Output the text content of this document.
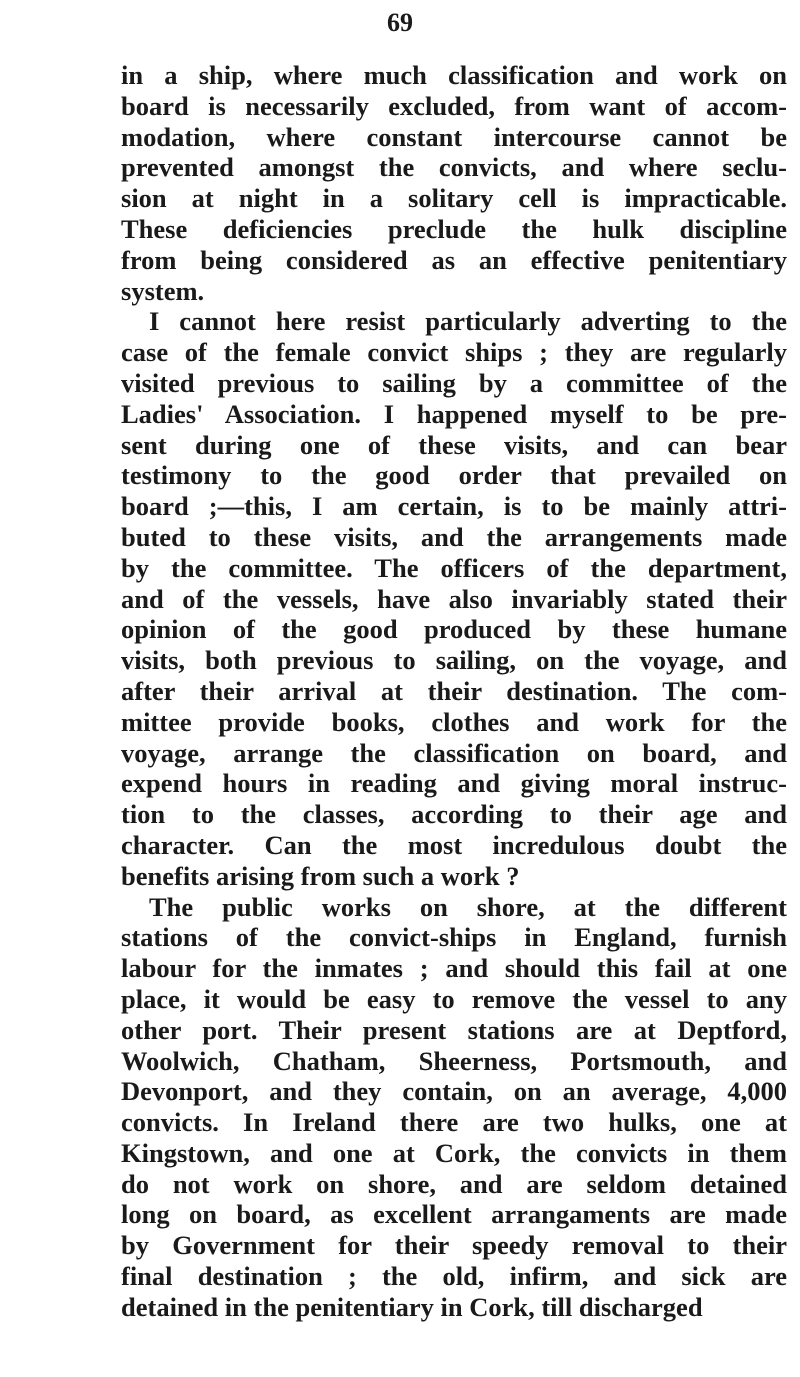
69
in a ship, where much classification and work on
board is necessarily excluded, from want of accom-
modation, where constant intercourse cannot be
prevented amongst the convicts, and where seclu-
sion at night in a solitary cell is impracticable.
These deficiencies preclude the hulk discipline
from being considered as an effective penitentiary
system.
I cannot here resist particularly adverting to the
case of the female convict ships ; they are regularly
visited previous to sailing by a committee of the
Ladies' Association. I happened myself to be pre-
sent during one of these visits, and can bear
testimony to the good order that prevailed on
board ;—this, I am certain, is to be mainly attri-
buted to these visits, and the arrangements made
by the committee. The officers of the department,
and of the vessels, have also invariably stated their
opinion of the good produced by these humane
visits, both previous to sailing, on the voyage, and
after their arrival at their destination. The com-
mittee provide books, clothes and work for the
voyage, arrange the classification on board, and
expend hours in reading and giving moral instruc-
tion to the classes, according to their age and
character. Can the most incredulous doubt the
benefits arising from such a work ?
The public works on shore, at the different
stations of the convict-ships in England, furnish
labour for the inmates ; and should this fail at one
place, it would be easy to remove the vessel to any
other port. Their present stations are at Deptford,
Woolwich, Chatham, Sheerness, Portsmouth, and
Devonport, and they contain, on an average, 4,000
convicts. In Ireland there are two hulks, one at
Kingstown, and one at Cork, the convicts in them
do not work on shore, and are seldom detained
long on board, as excellent arrangaments are made
by Government for their speedy removal to their
final destination ; the old, infirm, and sick are
detained in the penitentiary in Cork, till discharged
